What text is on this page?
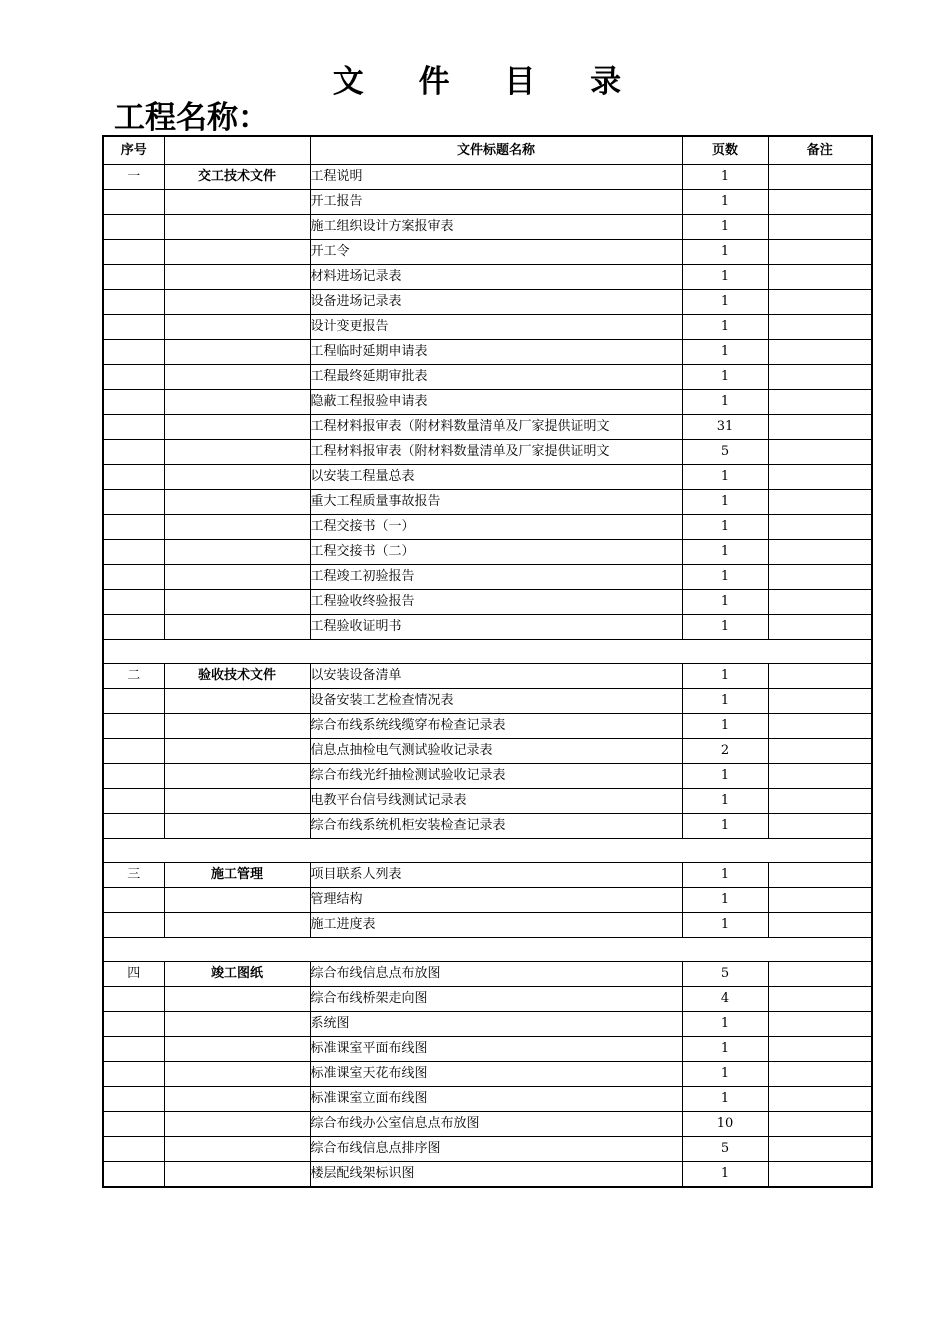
文 件 目 录
工程名称：
序号		文件标题名称	页数	备注
一	交工技术文件	工程说明	1	
		开工报告	1	
		施工组织设计方案报审表	1	
		开工令	1	
		材料进场记录表	1	
		设备进场记录表	1	
		设计变更报告	1	
		工程临时延期申请表	1	
		工程最终延期审批表	1	
		隐蔽工程报验申请表	1	
		工程材料报审表（附材料数量清单及厂家提供证明文	31	
		工程材料报审表（附材料数量清单及厂家提供证明文	5	
		以安装工程量总表	1	
		重大工程质量事故报告	1	
		工程交接书（一）	1	
		工程交接书（二）	1	
		工程竣工初验报告	1	
		工程验收终验报告	1	
		工程验收证明书	1	

二	验收技术文件	以安装设备清单	1	
		设备安装工艺检查情况表	1	
		综合布线系统线缆穿布检查记录表	1	
		信息点抽检电气测试验收记录表	2	
		综合布线光纤抽检测试验收记录表	1	
		电教平台信号线测试记录表	1	
		综合布线系统机柜安装检查记录表	1	

三	施工管理	项目联系人列表	1	
		管理结构	1	
		施工进度表	1	

四	竣工图纸	综合布线信息点布放图	5	
		综合布线桥架走向图	4	
		系统图	1	
		标准课室平面布线图	1	
		标准课室天花布线图	1	
		标准课室立面布线图	1	
		综合布线办公室信息点布放图	10	
		综合布线信息点排序图	5	
		楼层配线架标识图	1	
